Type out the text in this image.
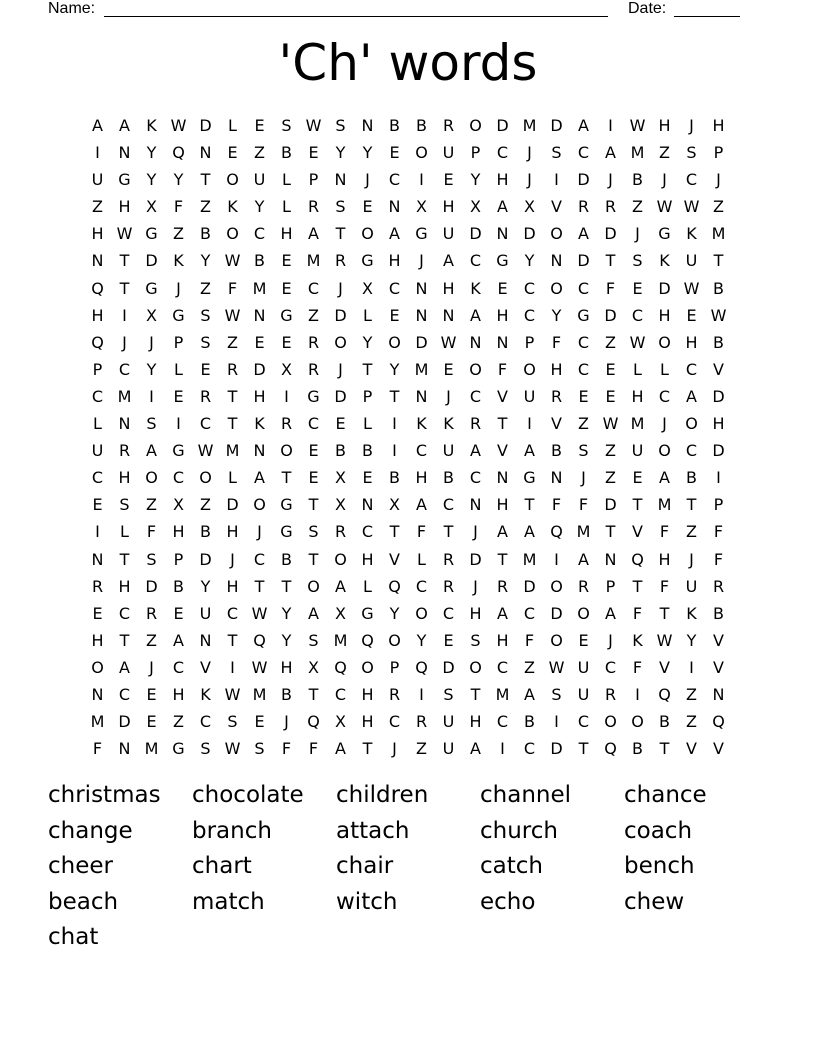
Name:	Date:
'Ch' words
A	A	K W D	L	E	S W S N B	B R O D M D A	I	W H	J	H
I	N	Y Q N E	Z	B	E	Y	Y	E O U	P	C	J	S	C A M Z	S	P
U G Y	Y	T O U	L	P	N	J	C	I	E	Y	H	J	I	D	J	B	J	C	J
Z H X	F	Z	K	Y	L	R	S	E N X H X	A	X	V R R Z W W Z
H W G Z	B O C H A	T O A G U D N D O A D	J	G K M
N	T D K	Y W B	E M R G H	J	A C G Y	N D T	S	K U	T
Q T G	J	Z	F M E	C	J	X C N H K	E	C O C	F	E D W B
H	I	X G S W N G Z D	L	E N N A H C	Y G D C H E W
Q	J	J	P	S	Z	E	E	R O Y O D W N N	P	F	C Z W O H B
P	C	Y	L	E	R D X R	J	T	Y M E O	F	O H C	E	L	L	C V
C M	I	E	R	T	H	I	G D	P	T	N	J	C V U R	E	E H C A D
L	N S	I	C	T	K	R C	E	L	I	K	K	R	T	I	V	Z W M	J	O H
U R A G W M N O E	B	B	I	C U A	V	A	B	S	Z U O C D
C H O C O	L	A	T	E	X	E	B H B C N G N	J	Z	E	A	B	I
E	S	Z	X	Z D O G T	X N X	A C N H	T	F	F	D T M T	P
I	L	F	H B H	J	G S	R C	T	F	T	J	A	A Q M T	V	F	Z	F
N	T	S	P	D	J	C B	T O H V	L	R D T M	I	A N Q H	J	F
R H D B	Y	H	T	T O A	L	Q C R	J	R D O R	P	T	F	U R
E	C R	E	U C W Y	A	X G Y O C H A C D O A	F	T	K	B
H	T	Z	A N	T Q Y	S M Q O Y	E	S H	F	O E	J	K W Y	V
O A	J	C V	I	W H X Q O P Q D O C Z W U C	F	V	I	V
N C	E H K W M B	T	C H R	I	S	T M A	S	U R	I	Q Z N
M D E	Z C	S	E	J	Q X H C R U H C B	I	C O O B	Z Q
F	N M G S W S	F	F	A	T	J	Z U A	I	C D T Q B	T	V	V
christmas	chocolate	children	channel	chance
change	branch	attach	church	coach
cheer	chart	chair	catch	bench
beach	match	witch	echo	chew
chat
